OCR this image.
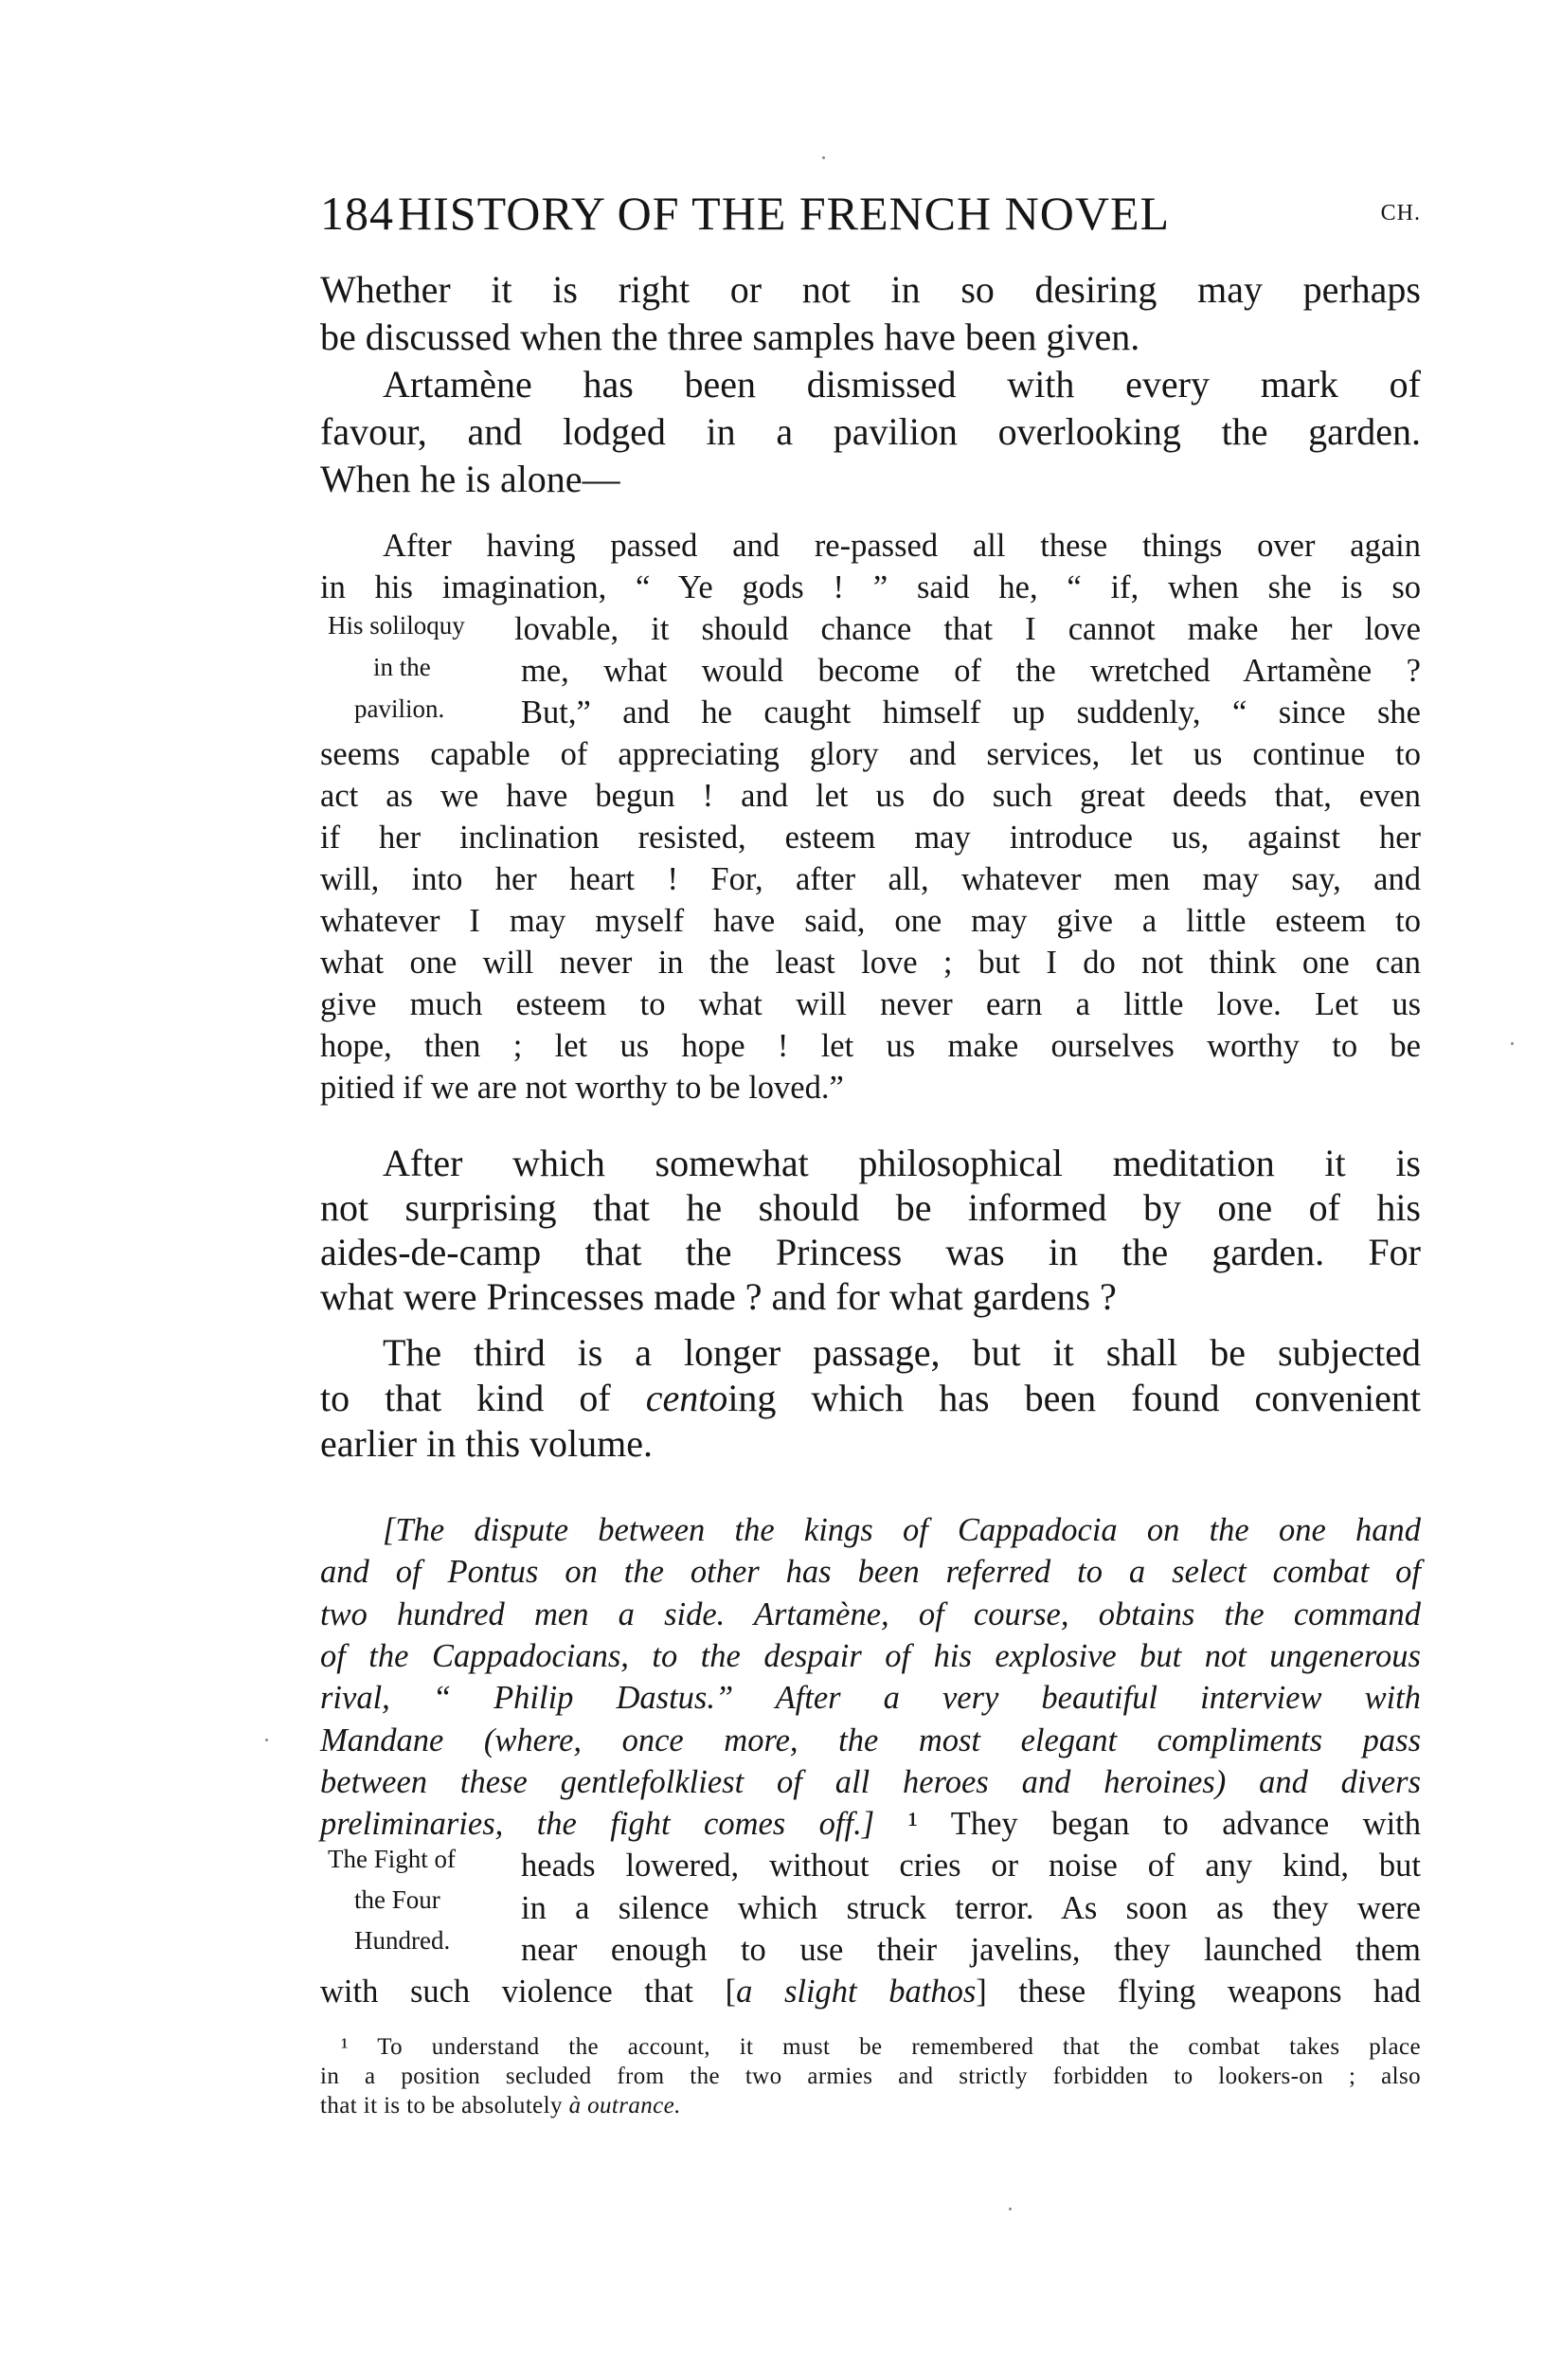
184 HISTORY OF THE FRENCH NOVEL	CH.
Whether it is right or not in so desiring may perhaps
be discussed when the three samples have been given.
Artamène has been dismissed with every mark of
favour, and lodged in a pavilion overlooking the garden.
When he is alone—
After having passed and re-passed all these things over again
in his imagination, “ Ye gods ! ” said he, “ if, when she is so
lovable, it should chance that I cannot make her love
me, what would become of the wretched Artamène ?
But,” and he caught himself up suddenly, “ since she
seems capable of appreciating glory and services, let us continue to
act as we have begun ! and let us do such great deeds that, even
if her inclination resisted, esteem may introduce us, against her
will, into her heart ! For, after all, whatever men may say, and
whatever I may myself have said, one may give a little esteem to
what one will never in the least love ; but I do not think one can
give much esteem to what will never earn a little love. Let us
hope, then ; let us hope ! let us make ourselves worthy to be
pitied if we are not worthy to be loved.”
His soliloquy
in the
pavilion.
After which somewhat philosophical meditation it is
not surprising that he should be informed by one of his
aides-de-camp that the Princess was in the garden. For
what were Princesses made ? and for what gardens ?
The third is a longer passage, but it shall be subjected
to that kind of centoing which has been found convenient
earlier in this volume.
[The dispute between the kings of Cappadocia on the one hand
and of Pontus on the other has been referred to a select combat of
two hundred men a side. Artamène, of course, obtains the command
of the Cappadocians, to the despair of his explosive but not ungenerous
rival, “ Philip Dastus.” After a very beautiful interview with
Mandane (where, once more, the most elegant compliments pass
between these gentlefolkliest of all heroes and heroines) and divers
preliminaries, the fight comes off.] ¹ They began to advance with
heads lowered, without cries or noise of any kind, but
in a silence which struck terror. As soon as they were
near enough to use their javelins, they launched them
with such violence that [a slight bathos] these flying weapons had
The Fight of
the Four
Hundred.
¹ To understand the account, it must be remembered that the combat takes place
in a position secluded from the two armies and strictly forbidden to lookers-on ; also
that it is to be absolutely à outrance.
